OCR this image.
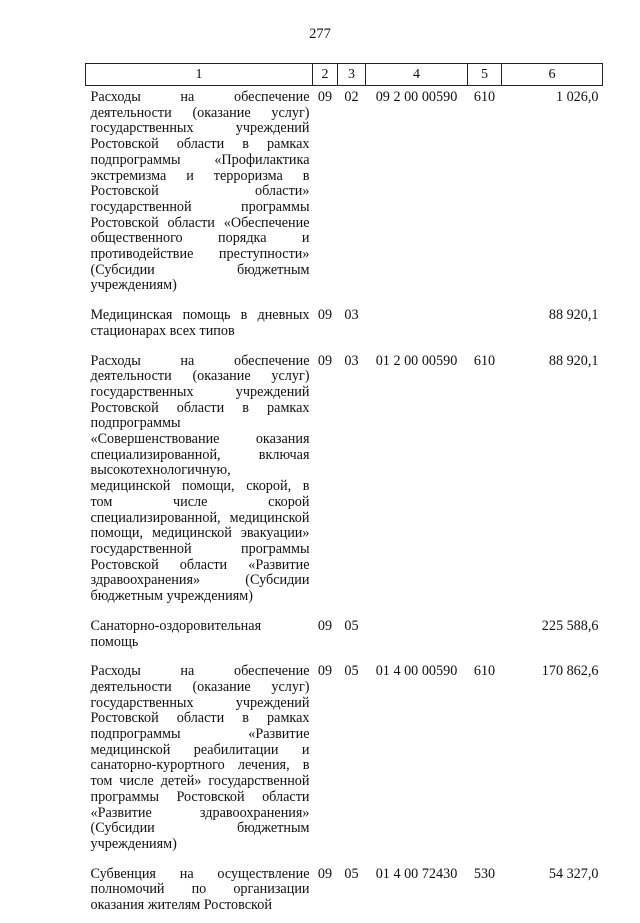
277
1	2	3	4	5	6
Расходы на обеспечение деятельности (оказание услуг) государственных учреждений Ростовской области в рамках подпрограммы «Профилактика экстремизма и терроризма в Ростовской области» государственной программы Ростовской области «Обеспечение общественного порядка и противодействие преступности» (Субсидии бюджетным учреждениям)	09	02	09 2 00 00590	610	1 026,0
Медицинская помощь в дневных стационарах всех типов	09	03			88 920,1
Расходы на обеспечение деятельности (оказание услуг) государственных учреждений Ростовской области в рамках подпрограммы «Совершенствование оказания специализированной, включая высокотехнологичную, медицинской помощи, скорой, в том числе скорой специализированной, медицинской помощи, медицинской эвакуации» государственной программы Ростовской области «Развитие здравоохранения» (Субсидии бюджетным учреждениям)	09	03	01 2 00 00590	610	88 920,1
Санаторно-оздоровительная помощь	09	05			225 588,6
Расходы на обеспечение деятельности (оказание услуг) государственных учреждений Ростовской области в рамках подпрограммы «Развитие медицинской реабилитации и санаторно-курортного лечения, в том числе детей» государственной программы Ростовской области «Развитие здравоохранения» (Субсидии бюджетным учреждениям)	09	05	01 4 00 00590	610	170 862,6
Субвенция на осуществление полномочий по организации оказания жителям Ростовской	09	05	01 4 00 72430	530	54 327,0
